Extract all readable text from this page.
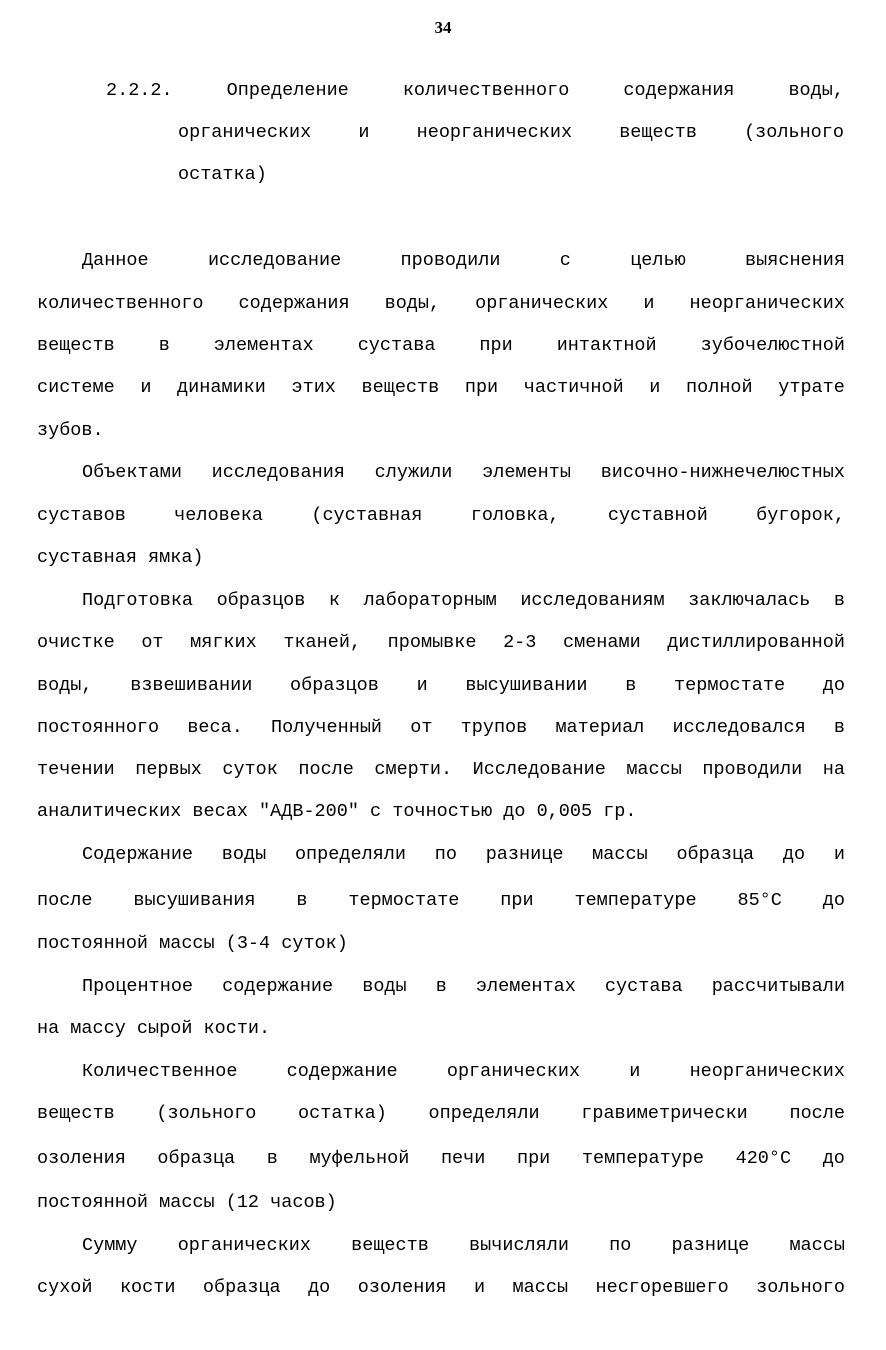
34
2.2.2.	Определение	количественного	содержания	воды,
органических	и	неорганических	веществ	(зольного
остатка)
Данное	исследование	проводили	с	целью	выяснения
количественного содержания воды, органических и неорганических
веществ в элементах сустава при интактной зубочелюстной
системе и динамики этих веществ при частичной и полной утрате
зубов.
Объектами исследования служили элементы височно-нижнечелюстных
суставов	человека	(суставная	головка,	суставной	бугорок,
суставная ямка)
Подготовка образцов к лабораторным исследованиям заключалась в
очистке от мягких тканей, промывке 2-3 сменами дистиллированной
воды, взвешивании образцов и высушивании в термостате до
постоянного веса. Полученный от трупов материал исследовался в
течении первых суток после смерти. Исследование массы проводили на
аналитических весах "АДВ-200" с точностью до 0,005 гр.
Содержание воды определяли по разнице массы образца до и
после высушивания в термостате при температуре 85°С до
постоянной массы (3-4 суток)
Процентное содержание воды в элементах сустава рассчитывали
на массу сырой кости.
Количественное	содержание	органических	и	неорганических
веществ (зольного остатка) определяли гравиметрически после
озоления образца в муфельной печи при температуре 420°С до
постоянной массы (12 часов)
Сумму органических веществ вычисляли по разнице массы
сухой кости образца до озоления и массы несгоревшего зольного
